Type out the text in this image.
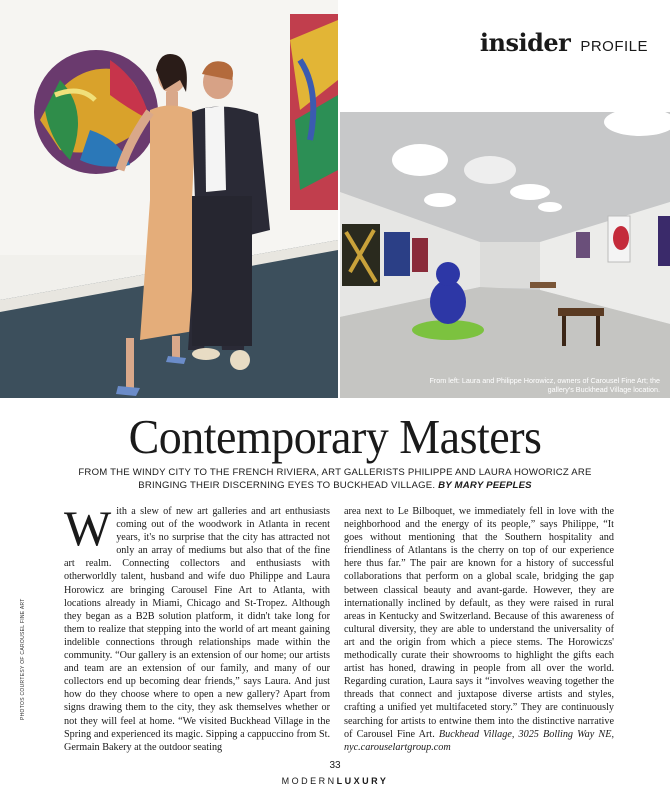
insider PROFILE
From left: Laura and Philippe Horowicz, owners of Carousel Fine Art; the gallery's Buckhead Village location.
Contemporary Masters
FROM THE WINDY CITY TO THE FRENCH RIVIERA, ART GALLERISTS PHILIPPE AND LAURA HOWORICZ ARE BRINGING THEIR DISCERNING EYES TO BUCKHEAD VILLAGE. BY MARY PEEPLES
W ith a slew of new art galleries and art enthusiasts coming out of the woodwork in Atlanta in recent years, it's no surprise that the city has attracted not only an array of mediums but also that of the fine art realm. Connecting collectors and enthusiasts with otherworldly talent, husband and wife duo Philippe and Laura Horowicz are bringing Carousel Fine Art to Atlanta, with locations already in Miami, Chicago and St-Tropez. Although they began as a B2B solution platform, it didn't take long for them to realize that stepping into the world of art meant gaining indelible connections through relationships made within the community. “Our gallery is an extension of our home; our artists and team are an extension of our family, and many of our collectors end up becoming dear friends,” says Laura. And just how do they choose where to open a new gallery? Apart from signs drawing them to the city, they ask themselves whether or not they will feel at home. “We visited Buckhead Village in the Spring and experienced its magic. Sipping a cappuccino from St. Germain Bakery at the outdoor seating
area next to Le Bilboquet, we immediately fell in love with the neighborhood and the energy of its people,” says Philippe, “It goes without mentioning that the Southern hospitality and friendliness of Atlantans is the cherry on top of our experience here thus far.” The pair are known for a history of successful collaborations that perform on a global scale, bridging the gap between classical beauty and avant-garde. However, they are internationally inclined by default, as they were raised in rural areas in Kentucky and Switzerland. Because of this awareness of cultural diversity, they are able to understand the universality of art and the origin from which a piece stems. The Horowiczs' methodically curate their showrooms to highlight the gifts each artist has honed, drawing in people from all over the world. Regarding curation, Laura says it “involves weaving together the threads that connect and juxtapose diverse artists and styles, crafting a unified yet multifaceted story.” They are continuously searching for artists to entwine them into the distinctive narrative of Carousel Fine Art. Buckhead Village, 3025 Bolling Way NE, nyc.carouselartgroup.com
PHOTOS COURTESY OF CAROUSEL FINE ART
33
MODERNLUXURY
